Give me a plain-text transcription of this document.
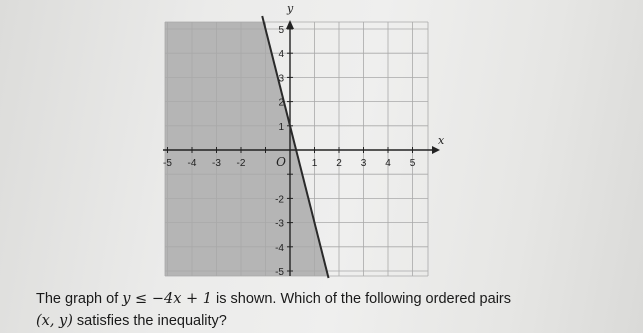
-5 -4 -3 -2	O	1 2 3 4 5
-5
-4
-3
-2
1
2
3
4
5
x
y
The graph of y ≤ −4x + 1 is shown. Which of the following ordered pairs
(x, y) satisfies the inequality?
